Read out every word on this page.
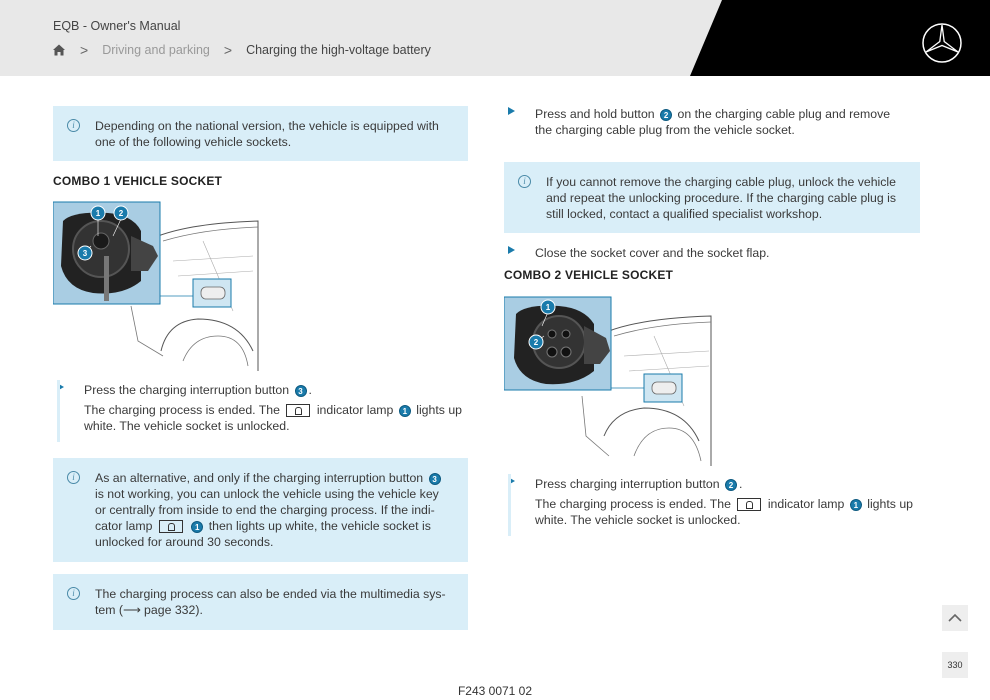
EQB - Owner's Manual
> Driving and parking > Charging the high-voltage battery
i	Depending on the national version, the vehicle is equipped with one of the following vehicle sockets.
COMBO 1 VEHICLE SOCKET
1 2
3
Press the charging interruption button 3 .
The charging process is ended. The	indicator lamp 1 lights up white. The vehicle socket is unlocked.
i	As an alternative, and only if the charging interruption button 3 is not working, you can unlock the vehicle using the vehicle key or centrally from inside to end the charging process. If the indi-cator lamp	1 then lights up white, the vehicle socket is unlocked for around 30 seconds.
i	The charging process can also be ended via the multimedia sys-tem (⟶ page 332).
Press and hold button 2 on the charging cable plug and remove the charging cable plug from the vehicle socket.
i	If you cannot remove the charging cable plug, unlock the vehicle and repeat the unlocking procedure. If the charging cable plug is still locked, contact a qualified specialist workshop.
Close the socket cover and the socket flap.
COMBO 2 VEHICLE SOCKET
1
2
Press charging interruption button 2 .
The charging process is ended. The	indicator lamp 1 lights up white. The vehicle socket is unlocked.
330
F243 0071 02
